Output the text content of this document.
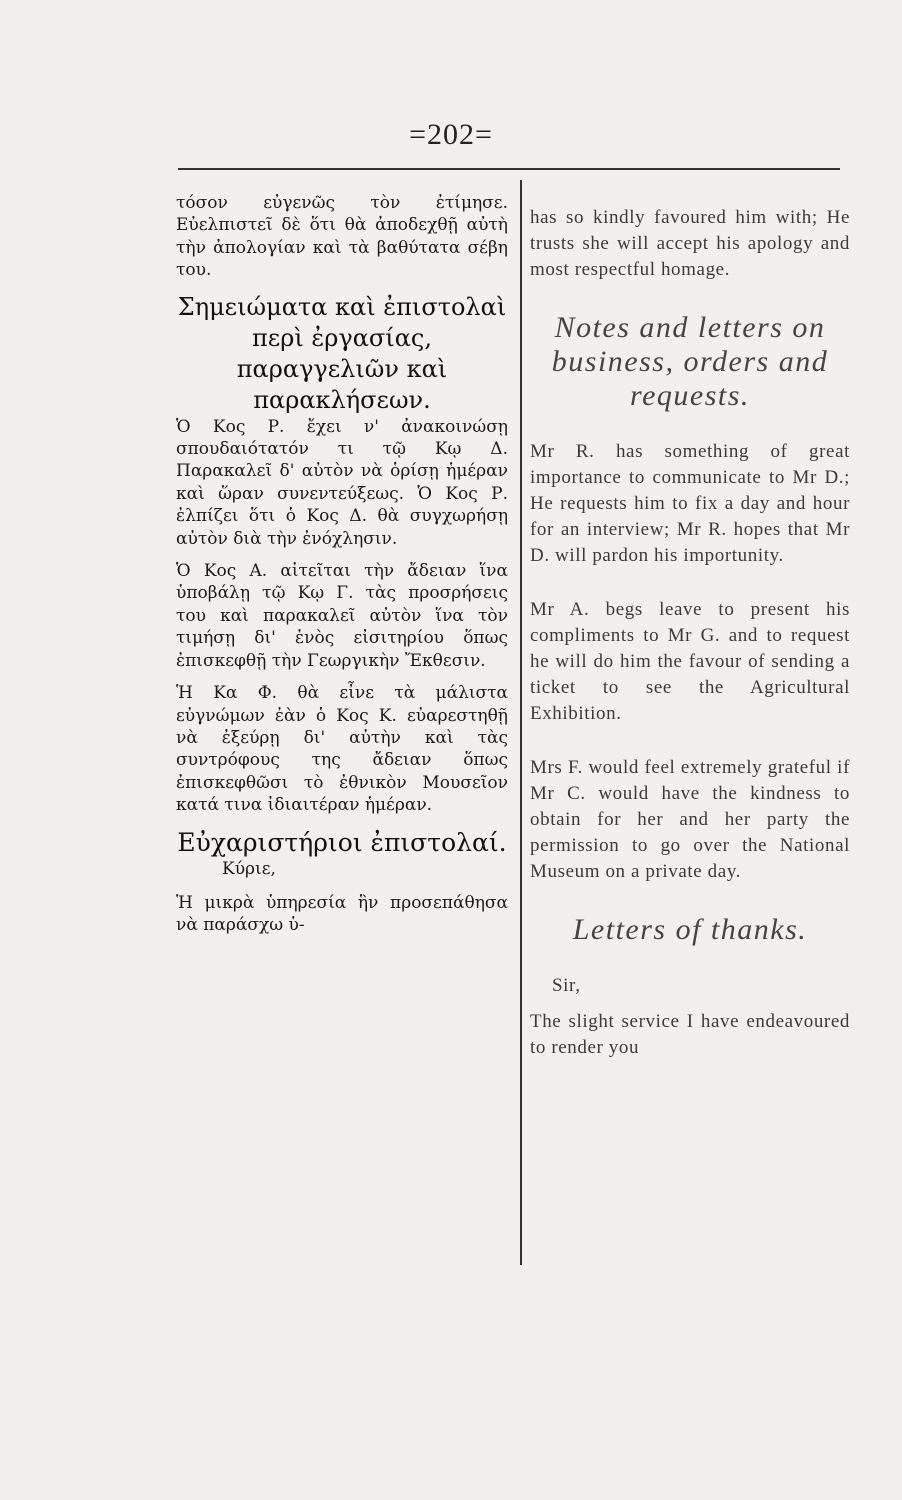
=202=

τόσον εὐγενῶς τὸν ἐτίμησε. Εὐελπιστεῖ δὲ ὅτι θὰ ἀποδεχθῇ αὐτὴ τὴν ἀπολογίαν καὶ τὰ βαθύτατα σέβη του.

Σημειώματα καὶ ἐπιστολαὶ περὶ ἐργασίας, παραγγελιῶν καὶ παρακλήσεων.

Ὁ Κος Ρ. ἔχει ν' ἀνακοινώσῃ σπουδαιότατόν τι τῷ Κῳ Δ. Παρακαλεῖ δ' αὐτὸν νὰ ὁρίσῃ ἡμέραν καὶ ὥραν συνεντεύξεως. Ὁ Κος Ρ. ἐλπίζει ὅτι ὁ Κος Δ. θὰ συγχωρήσῃ αὐτὸν διὰ τὴν ἐνόχλησιν.

Ὁ Κος Α. αἰτεῖται τὴν ἄδειαν ἵνα ὑποβάλῃ τῷ Κῳ Γ. τὰς προσρήσεις του καὶ παρακαλεῖ αὐτὸν ἵνα τὸν τιμήσῃ δι' ἑνὸς εἰσιτηρίου ὅπως ἐπισκεφθῇ τὴν Γεωργικὴν Ἔκθεσιν.

Ἡ Κα Φ. θὰ εἶνε τὰ μάλιστα εὐγνώμων ἐὰν ὁ Κος Κ. εὐαρεστηθῇ νὰ ἐξεύρῃ δι' αὐτὴν καὶ τὰς συντρόφους της ἄδειαν ὅπως ἐπισκεφθῶσι τὸ ἐθνικὸν Μουσεῖον κατά τινα ἰδιαιτέραν ἡμέραν.

Εὐχαριστήριοι ἐπιστολαί.

Κύριε,

Ἡ μικρὰ ὑπηρεσία ἣν προσεπάθησα νὰ παράσχω ὑ-

has so kindly favoured him with; He trusts she will accept his apology and most respectful homage.

Notes and letters on business, orders and requests.

Mr R. has something of great importance to communicate to Mr D.; He requests him to fix a day and hour for an interview; Mr R. hopes that Mr D. will pardon his importunity.

Mr A. begs leave to present his compliments to Mr G. and to request he will do him the favour of sending a ticket to see the Agricultural Exhibition.

Mrs F. would feel extremely grateful if Mr C. would have the kindness to obtain for her and her party the permission to go over the National Museum on a private day.

Letters of thanks.

Sir,

The slight service I have endeavoured to render you
